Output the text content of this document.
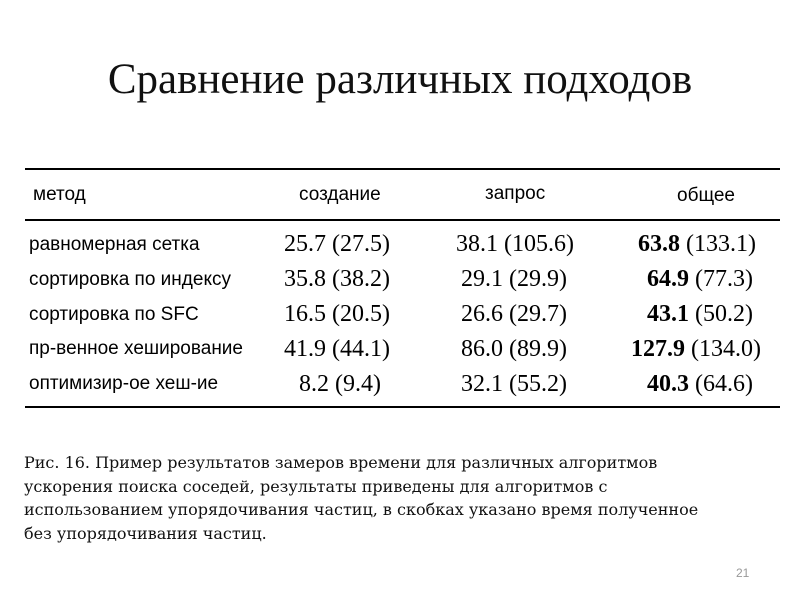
Сравнение различных подходов
метод	создание	запрос	общее
равномерная сетка	25.7 (27.5)	38.1 (105.6)	63.8 (133.1)
сортировка по индексу 35.8 (38.2)	29.1 (29.9)	64.9 (77.3)
сортировка по SFC	16.5 (20.5)	26.6 (29.7)	43.1 (50.2)
пр-венное хеширование 41.9 (44.1)	86.0 (89.9)	127.9 (134.0)
оптимизир-ое хеш-ие	8.2 (9.4)	32.1 (55.2)	40.3 (64.6)
Рис. 16. Пример результатов замеров времени для различных алгоритмов
ускорения поиска соседей, результаты приведены для алгоритмов с
использованием упорядочивания частиц, в скобках указано время полученное
без упорядочивания частиц.
21
